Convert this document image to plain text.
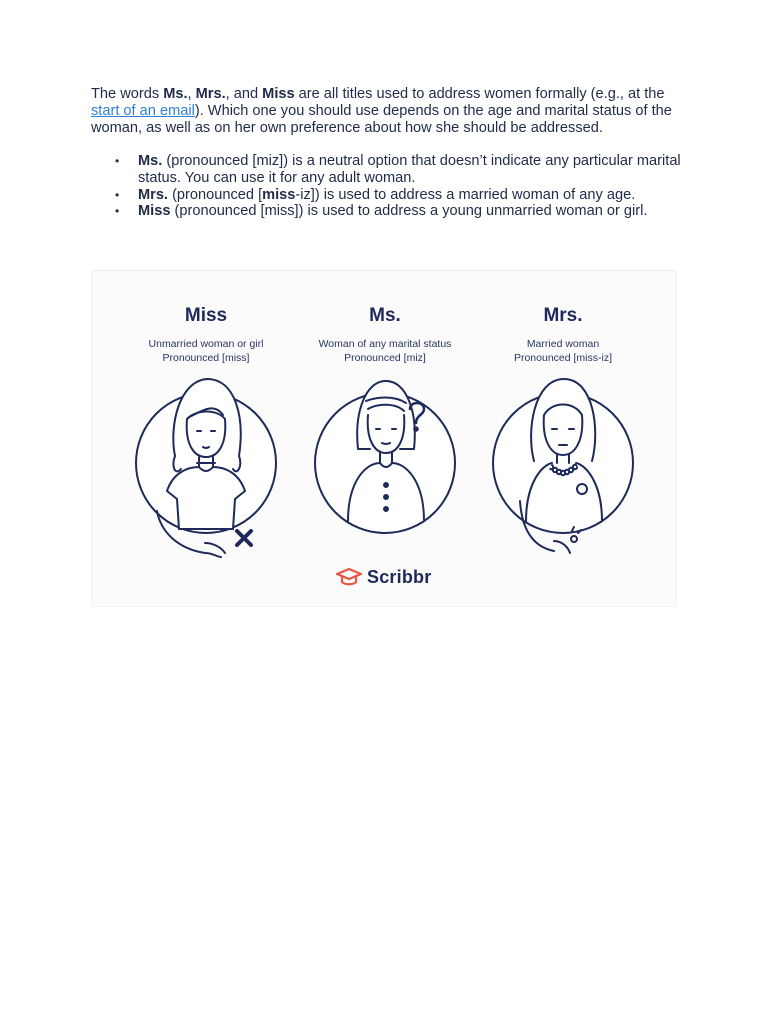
The words Ms., Mrs., and Miss are all titles used to address women formally (e.g., at the start of an email). Which one you should use depends on the age and marital status of the woman, as well as on her own preference about how she should be addressed.

• Ms. (pronounced [miz]) is a neutral option that doesn’t indicate any particular marital status. You can use it for any adult woman.
• Mrs. (pronounced [miss-iz]) is used to address a married woman of any age.
• Miss (pronounced [miss]) is used to address a young unmarried woman or girl.
Miss
Unmarried woman or girl
Pronounced [miss]
Ms.
Woman of any marital status
Pronounced [miz]
Mrs.
Married woman
Pronounced [miss-iz]
Scribbr
